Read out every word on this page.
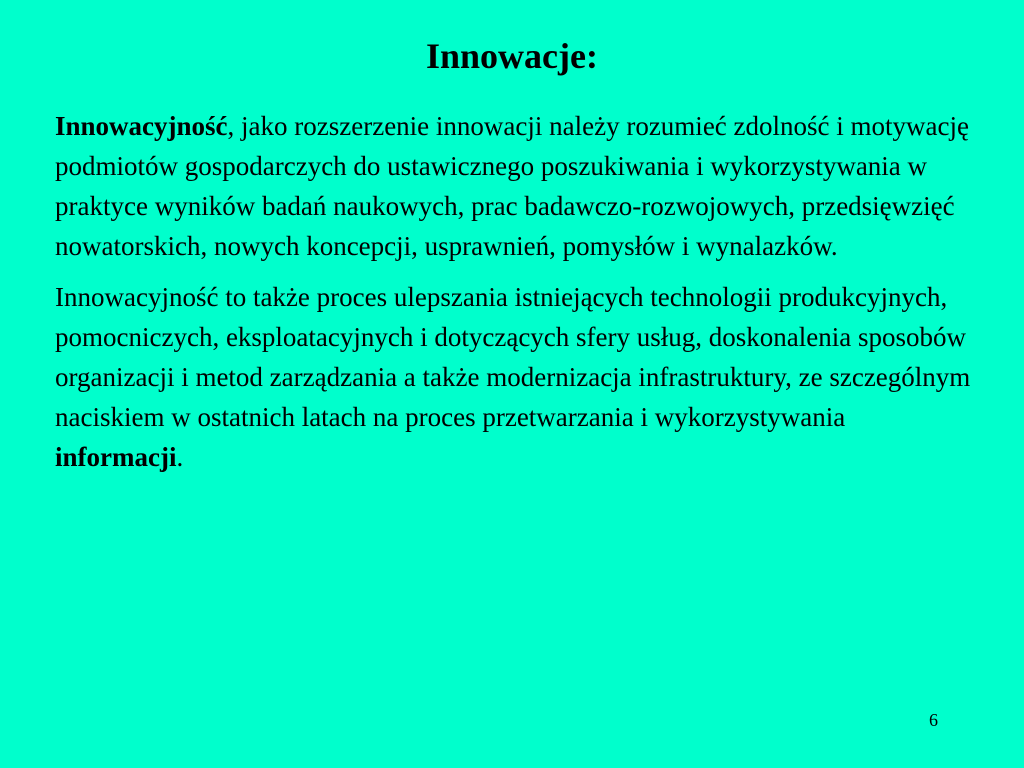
Innowacje:

Innowacyjność, jako rozszerzenie innowacji należy rozumieć zdolność i motywację podmiotów gospodarczych do ustawicznego poszukiwania i wykorzystywania w praktyce wyników badań naukowych, prac badawczo-rozwojowych, przedsięwzięć nowatorskich, nowych koncepcji, usprawnień, pomysłów i wynalazków.

Innowacyjność to także proces ulepszania istniejących technologii produkcyjnych, pomocniczych, eksploatacyjnych i dotyczących sfery usług, doskonalenia sposobów organizacji i metod zarządzania a także modernizacja infrastruktury, ze szczególnym naciskiem w ostatnich latach na proces przetwarzania i wykorzystywania informacji.

6
